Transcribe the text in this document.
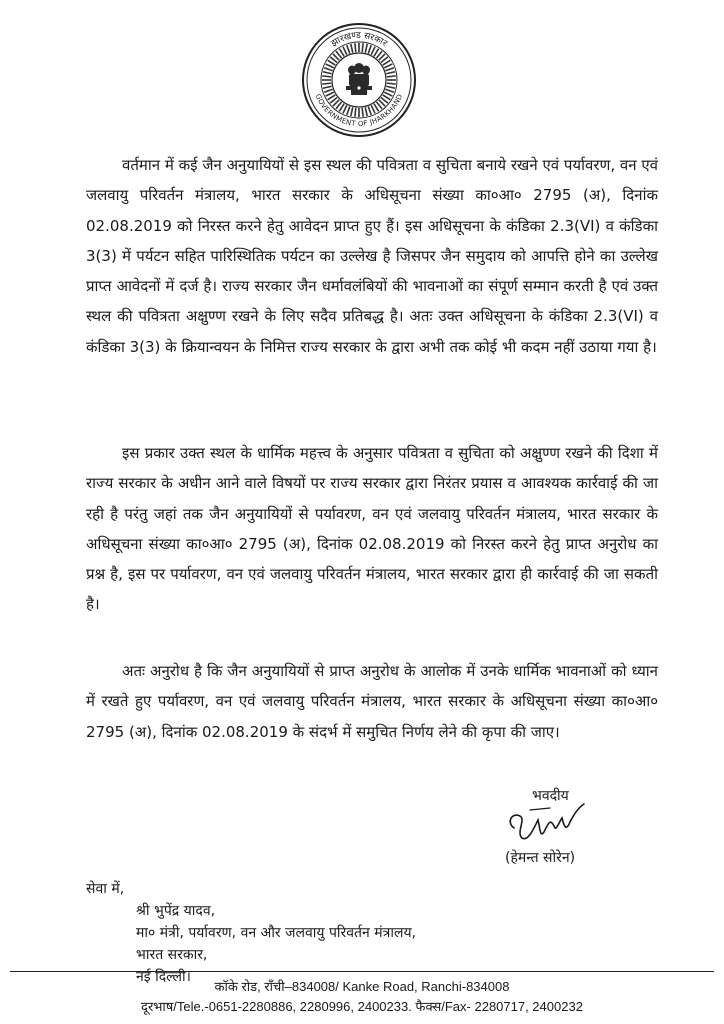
झारखण्ड सरकार
GOVERNMENT OF JHARKHAND

वर्तमान में कई जैन अनुयायियों से इस स्थल की पवित्रता व सुचिता बनाये रखने एवं पर्यावरण, वन एवं जलवायु परिवर्तन मंत्रालय, भारत सरकार के अधिसूचना संख्या का०आ० 2795 (अ), दिनांक 02.08.2019 को निरस्त करने हेतु आवेदन प्राप्त हुए हैं। इस अधिसूचना के कंडिका 2.3(VI) व कंडिका 3(3) में पर्यटन सहित पारिस्थितिक पर्यटन का उल्लेख है जिसपर जैन समुदाय को आपत्ति होने का उल्लेख प्राप्त आवेदनों में दर्ज है। राज्य सरकार जैन धर्मावलंबियों की भावनाओं का संपूर्ण सम्मान करती है एवं उक्त स्थल की पवित्रता अक्षुण्ण रखने के लिए सदैव प्रतिबद्ध है। अतः उक्त अधिसूचना के कंडिका 2.3(VI) व कंडिका 3(3) के क्रियान्वयन के निमित्त राज्य सरकार के द्वारा अभी तक कोई भी कदम नहीं उठाया गया है।

इस प्रकार उक्त स्थल के धार्मिक महत्त्व के अनुसार पवित्रता व सुचिता को अक्षुण्ण रखने की दिशा में राज्य सरकार के अधीन आने वाले विषयों पर राज्य सरकार द्वारा निरंतर प्रयास व आवश्यक कार्रवाई की जा रही है परंतु जहां तक जैन अनुयायियों से पर्यावरण, वन एवं जलवायु परिवर्तन मंत्रालय, भारत सरकार के अधिसूचना संख्या का०आ० 2795 (अ), दिनांक 02.08.2019 को निरस्त करने हेतु प्राप्त अनुरोध का प्रश्न है, इस पर पर्यावरण, वन एवं जलवायु परिवर्तन मंत्रालय, भारत सरकार द्वारा ही कार्रवाई की जा सकती है।

अतः अनुरोध है कि जैन अनुयायियों से प्राप्त अनुरोध के आलोक में उनके धार्मिक भावनाओं को ध्यान में रखते हुए पर्यावरण, वन एवं जलवायु परिवर्तन मंत्रालय, भारत सरकार के अधिसूचना संख्या का०आ० 2795 (अ), दिनांक 02.08.2019 के संदर्भ में समुचित निर्णय लेने की कृपा की जाए।

भवदीय
(हेमन्त सोरेन)
सेवा में,
श्री भुपेंद्र यादव,
मा० मंत्री, पर्यावरण, वन और जलवायु परिवर्तन मंत्रालय,
भारत सरकार,
नई दिल्ली।
कॉके रोड, राँची–834008/ Kanke Road, Ranchi-834008
दूरभाष/Tele.-0651-2280886, 2280996, 2400233. फैक्स/Fax- 2280717, 2400232
